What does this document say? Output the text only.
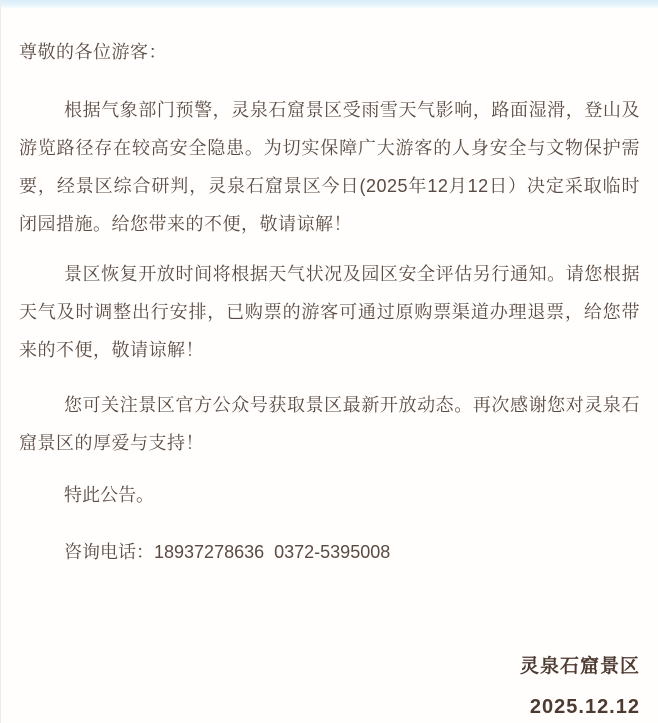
尊敬的各位游客：

根据气象部门预警，灵泉石窟景区受雨雪天气影响，路面湿滑，登山及游览路径存在较高安全隐患。为切实保障广大游客的人身安全与文物保护需要，经景区综合研判，灵泉石窟景区今日(2025年12月12日）决定采取临时闭园措施。给您带来的不便，敬请谅解！

景区恢复开放时间将根据天气状况及园区安全评估另行通知。请您根据天气及时调整出行安排，已购票的游客可通过原购票渠道办理退票，给您带来的不便，敬请谅解！

您可关注景区官方公众号获取景区最新开放动态。再次感谢您对灵泉石窟景区的厚爱与支持！

特此公告。

咨询电话：18937278636  0372-5395008

灵泉石窟景区
2025.12.12
